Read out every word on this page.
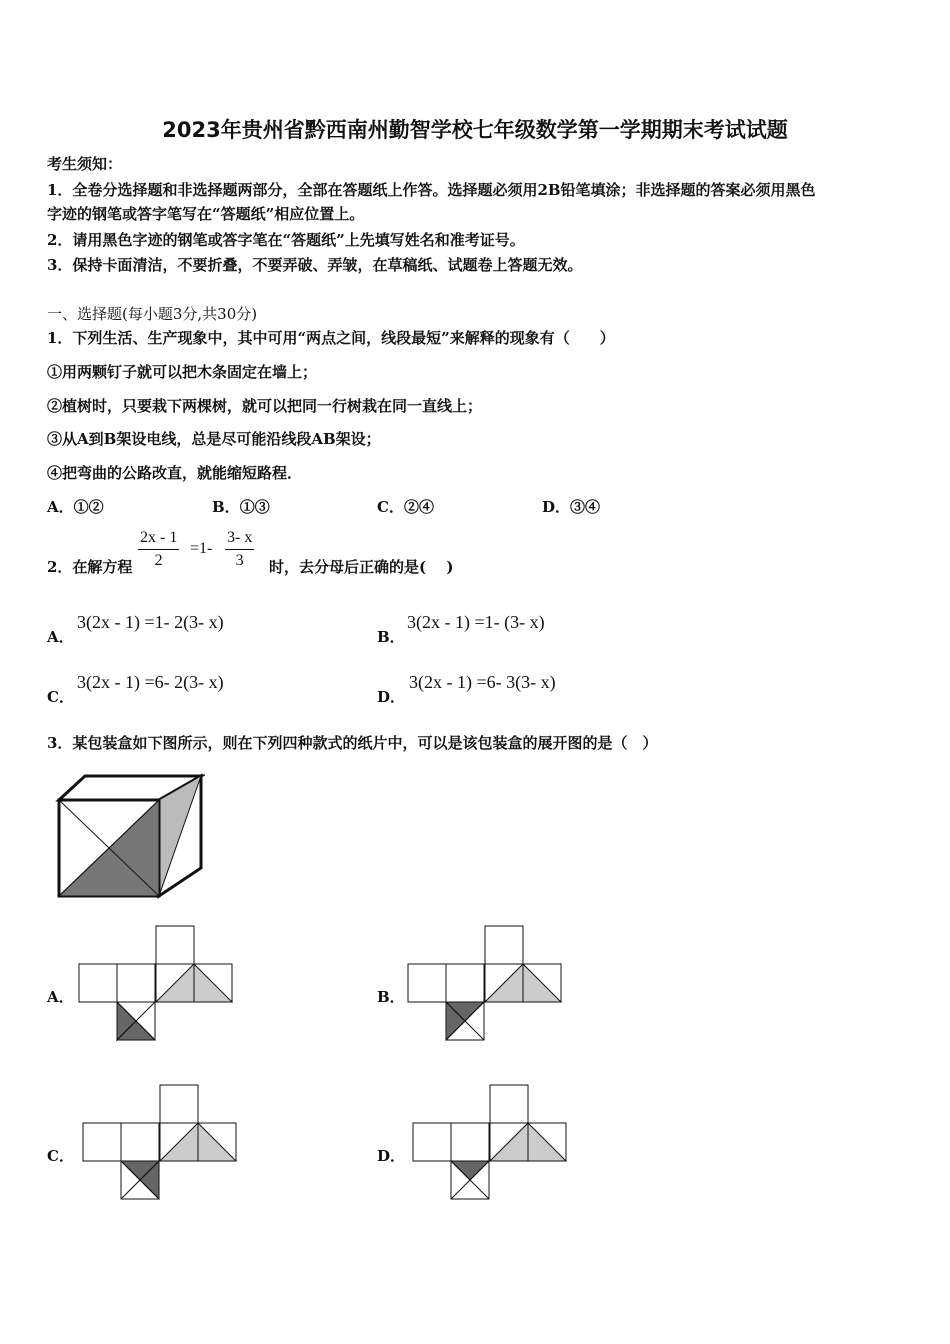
2023年贵州省黔西南州勤智学校七年级数学第一学期期末考试试题
考生须知：
1．全卷分选择题和非选择题两部分，全部在答题纸上作答。选择题必须用2B铅笔填涂；非选择题的答案必须用黑色
字迹的钢笔或答字笔写在“答题纸”相应位置上。
2．请用黑色字迹的钢笔或答字笔在“答题纸”上先填写姓名和准考证号。
3．保持卡面清洁，不要折叠，不要弄破、弄皱，在草稿纸、试题卷上答题无效。
一、选择题(每小题3分,共30分)
1．下列生活、生产现象中，其中可用“两点之间，线段最短”来解释的现象有（　　）
①用两颗钉子就可以把木条固定在墙上；
②植树时，只要栽下两棵树，就可以把同一行树栽在同一直线上；
③从A到B架设电线，总是尽可能沿线段AB架设；
④把弯曲的公路改直，就能缩短路程．
A．①②	B．①③	C．②④	D．③④
2．在解方程
2x - 1
2
=1-
3- x
3	时，去分母后正确的是(　 )
A．
3(2x - 1) =1- 2(3- x)
B．
3(2x - 1) =1- (3- x)
C．
3(2x - 1) =6- 2(3- x)
D．
3(2x - 1) =6- 3(3- x)
3．某包装盒如下图所示，则在下列四种款式的纸片中，可以是该包装盒的展开图的是（　）
A．	B．
C．	D．
